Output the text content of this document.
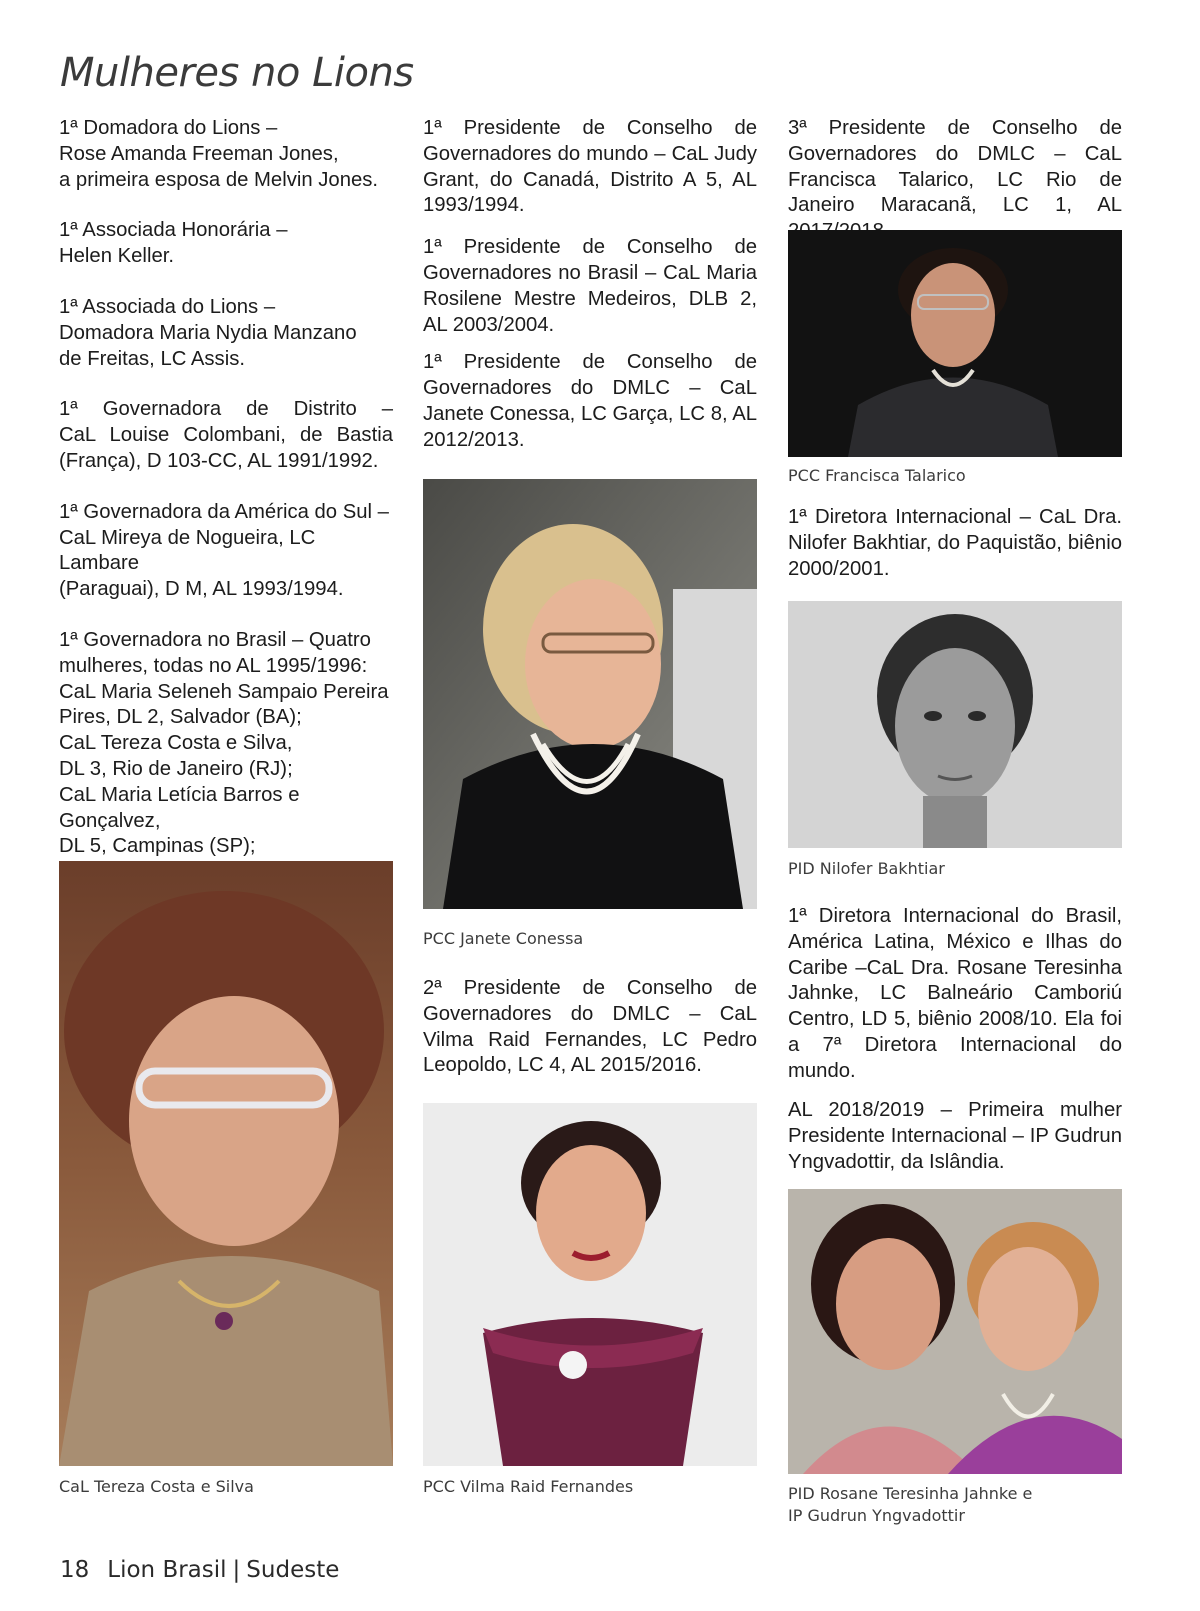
Mulheres no Lions

1ª Domadora do Lions –
Rose Amanda Freeman Jones,
a primeira esposa de Melvin Jones.

1ª Associada Honorária –
Helen Keller.

1ª Associada do Lions –
Domadora Maria Nydia Manzano
de Freitas, LC Assis.

1ª Governadora de Distrito –
CaL Louise Colombani, de Bastia
(França), D 103-CC, AL 1991/1992.

1ª Governadora da América do Sul –
CaL Mireya de Nogueira, LC Lambare
(Paraguai), D M, AL 1993/1994.

1ª Governadora no Brasil – Quatro
mulheres, todas no AL 1995/1996:
CaL Maria Seleneh Sampaio Pereira
Pires, DL 2, Salvador (BA);
CaL Tereza Costa e Silva,
DL 3, Rio de Janeiro (RJ);
CaL Maria Letícia Barros e Gonçalvez,
DL 5, Campinas (SP);

CaL Tereza Costa e Silva

1ª Presidente de Conselho de Governadores do mundo – CaL Judy Grant, do Canadá, Distrito A 5, AL 1993/1994.

1ª Presidente de Conselho de Governadores no Brasil – CaL Maria Rosilene Mestre Medeiros, DLB 2, AL 2003/2004.

1ª Presidente de Conselho de Governadores do DMLC – CaL Janete Conessa, LC Garça, LC 8, AL 2012/2013.

PCC Janete Conessa

2ª Presidente de Conselho de Governadores do DMLC – CaL Vilma Raid Fernandes, LC Pedro Leopoldo, LC 4, AL 2015/2016.

PCC Vilma Raid Fernandes

3ª Presidente de Conselho de Governadores do DMLC – CaL Francisca Talarico, LC Rio de Janeiro Maracanã, LC 1, AL

PCC Francisca Talarico

1ª Diretora Internacional – CaL Dra. Nilofer Bakhtiar, do Paquistão, biênio 2000/2001.

PID Nilofer Bakhtiar

1ª Diretora Internacional do Brasil, América Latina, México e Ilhas do Caribe –CaL Dra. Rosane Teresinha Jahnke, LC Balneário Camboriú Centro, LD 5, biênio 2008/10. Ela foi a 7ª Diretora Internacional do mundo.

AL 2018/2019 – Primeira mulher Presidente Internacional – IP Gudrun Yngvadottir, da Islândia.

PID Rosane Teresinha Jahnke e
IP Gudrun Yngvadottir

18 Lion Brasil | Sudeste
